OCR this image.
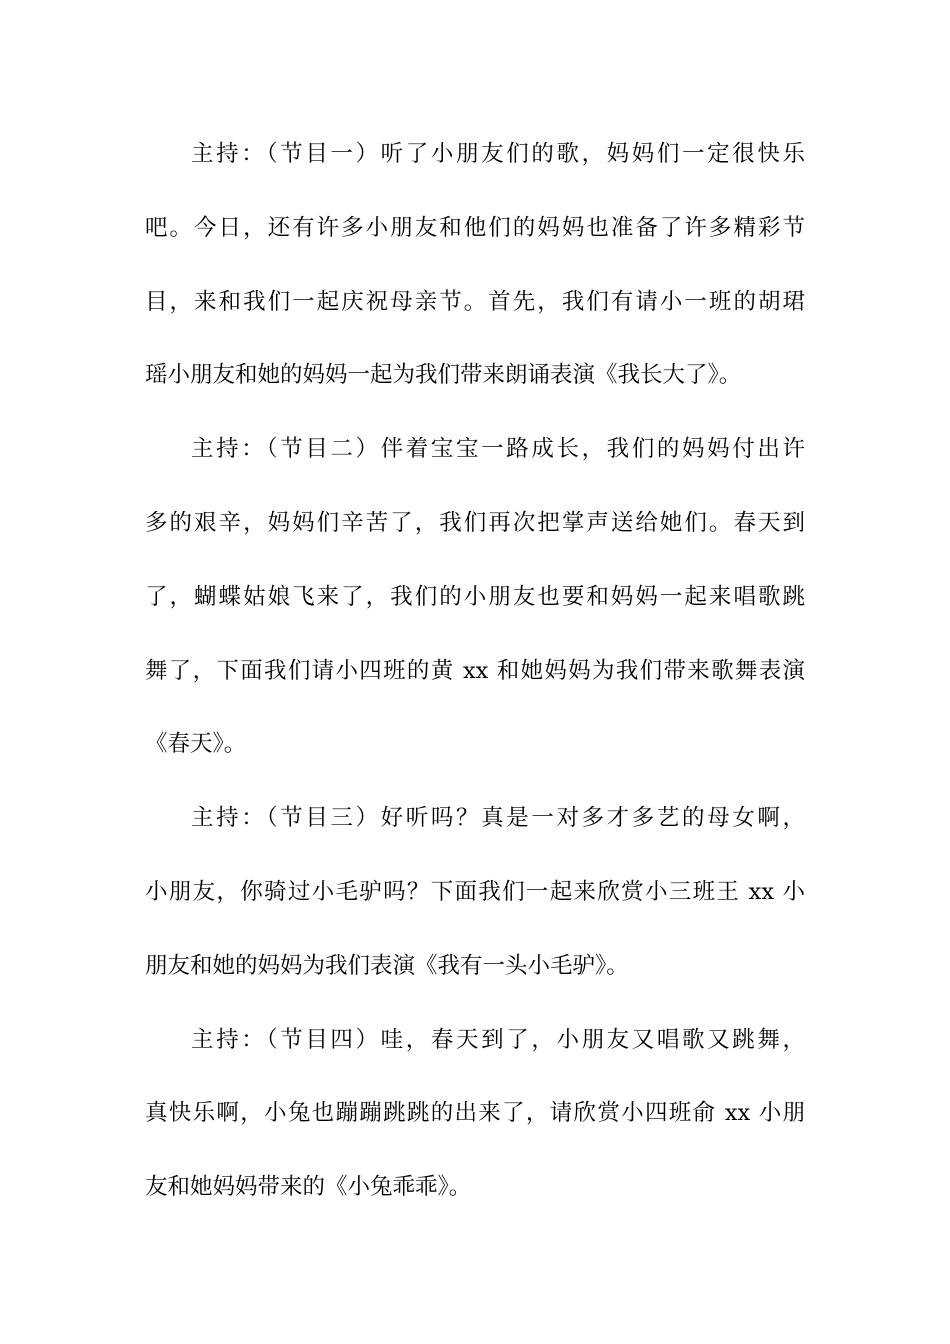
主持：（节目一）听了小朋友们的歌，妈妈们一定很快乐
吧。今日，还有许多小朋友和他们的妈妈也准备了许多精彩节
目，来和我们一起庆祝母亲节。首先，我们有请小一班的胡珺
瑶小朋友和她的妈妈一起为我们带来朗诵表演《我长大了》。
主持：（节目二）伴着宝宝一路成长，我们的妈妈付出许
多的艰辛，妈妈们辛苦了，我们再次把掌声送给她们。春天到
了，蝴蝶姑娘飞来了，我们的小朋友也要和妈妈一起来唱歌跳
舞了，下面我们请小四班的黄 xx 和她妈妈为我们带来歌舞表演
《春天》。
主持：（节目三）好听吗？真是一对多才多艺的母女啊，
小朋友，你骑过小毛驴吗？下面我们一起来欣赏小三班王 xx 小
朋友和她的妈妈为我们表演《我有一头小毛驴》。
主持：（节目四）哇，春天到了，小朋友又唱歌又跳舞，
真快乐啊，小兔也蹦蹦跳跳的出来了，请欣赏小四班俞 xx 小朋
友和她妈妈带来的《小兔乖乖》。
